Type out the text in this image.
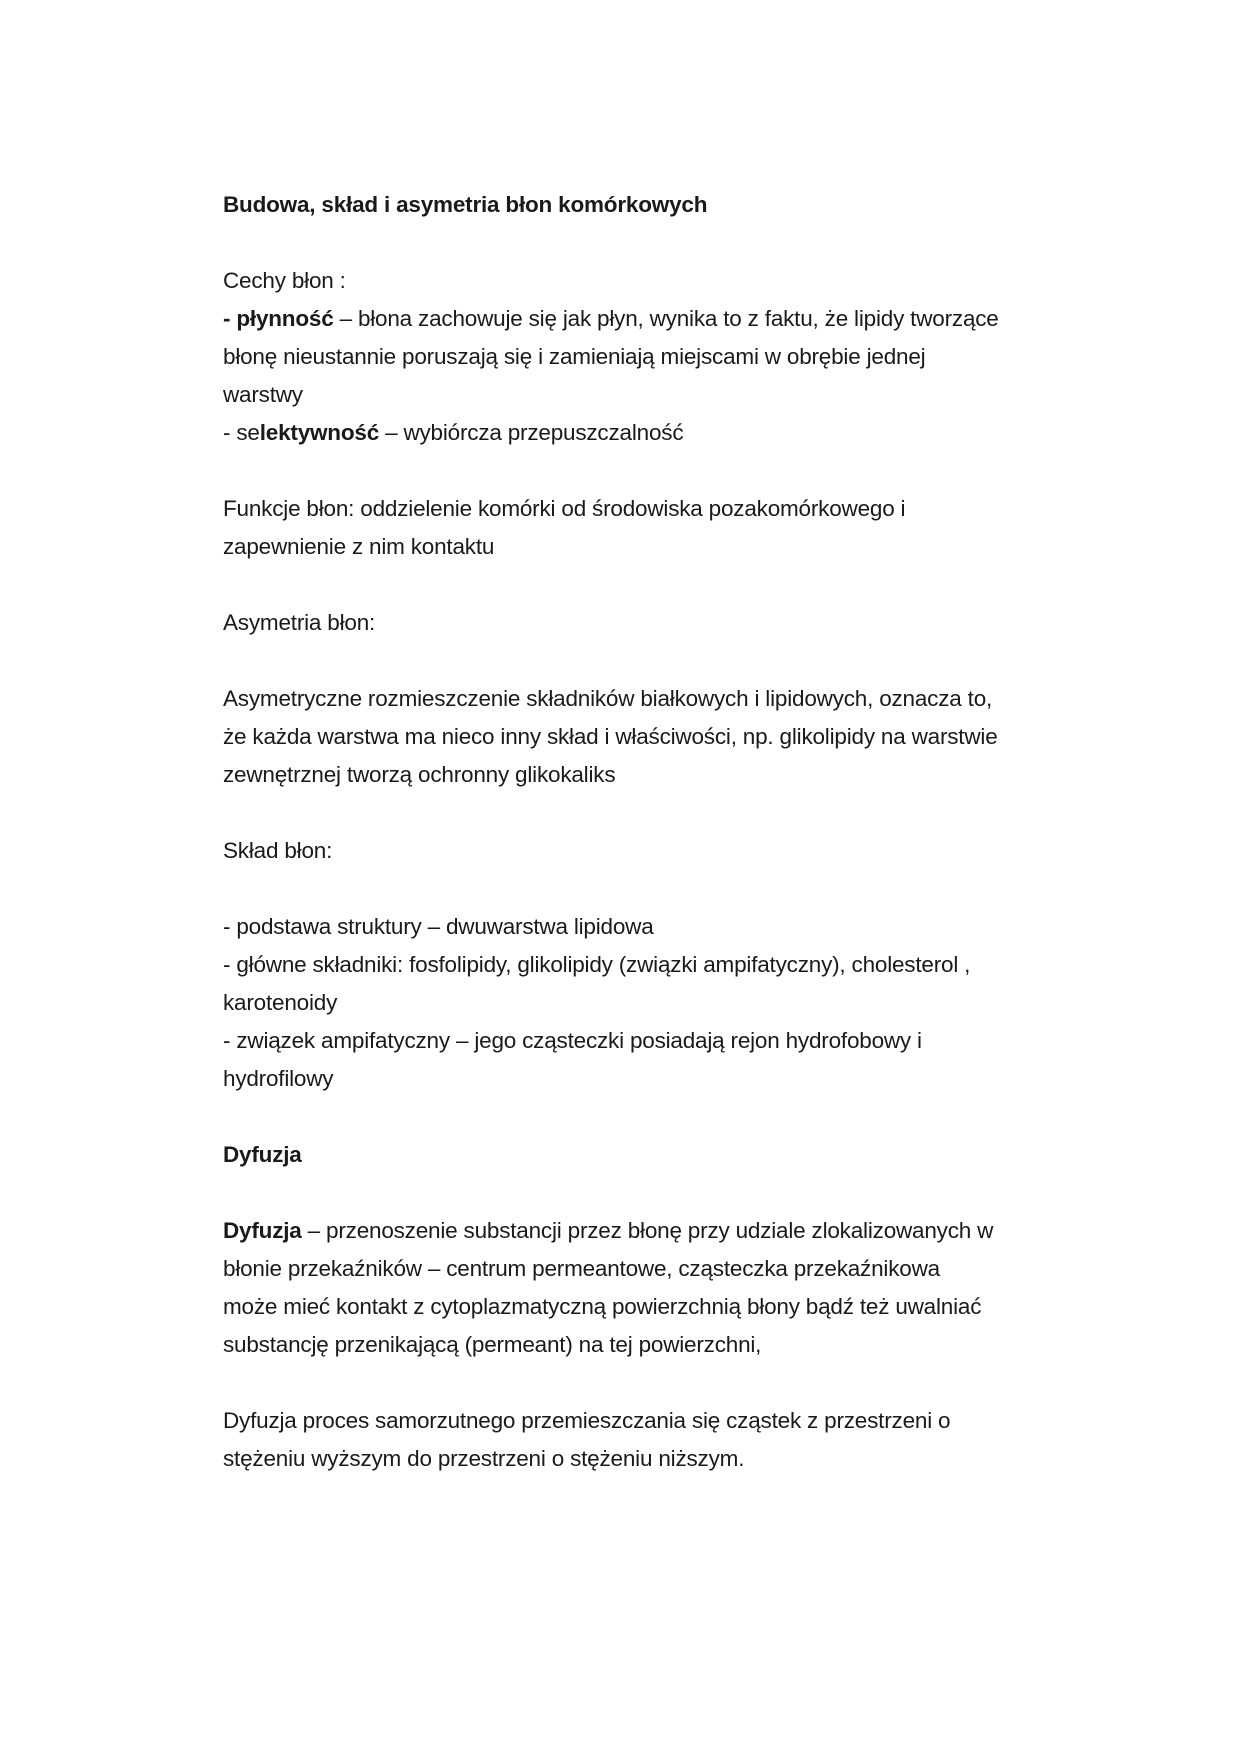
Budowa, skład i asymetria błon komórkowych

Cechy błon :

- płynność – błona zachowuje się jak płyn, wynika to z faktu, że lipidy tworzące

błonę nieustannie poruszają się i zamieniają miejscami w obrębie jednej

warstwy

- selektywność – wybiórcza przepuszczalność

Funkcje błon: oddzielenie komórki od środowiska pozakomórkowego i

zapewnienie z nim kontaktu

Asymetria błon:

Asymetryczne rozmieszczenie składników białkowych i lipidowych, oznacza to,

że każda warstwa ma nieco inny skład i właściwości, np. glikolipidy na warstwie

zewnętrznej tworzą ochronny glikokaliks

Skład błon:

- podstawa struktury – dwuwarstwa lipidowa

- główne składniki: fosfolipidy, glikolipidy (związki ampifatyczny), cholesterol ,

karotenoidy

- związek ampifatyczny – jego cząsteczki posiadają rejon hydrofobowy i

hydrofilowy

Dyfuzja

Dyfuzja – przenoszenie substancji przez błonę przy udziale zlokalizowanych w

błonie przekaźników – centrum permeantowe, cząsteczka przekaźnikowa

może mieć kontakt z cytoplazmatyczną powierzchnią błony bądź też uwalniać

substancję przenikającą (permeant) na tej powierzchni,

Dyfuzja proces samorzutnego przemieszczania się cząstek z przestrzeni o

stężeniu wyższym do przestrzeni o stężeniu niższym.
